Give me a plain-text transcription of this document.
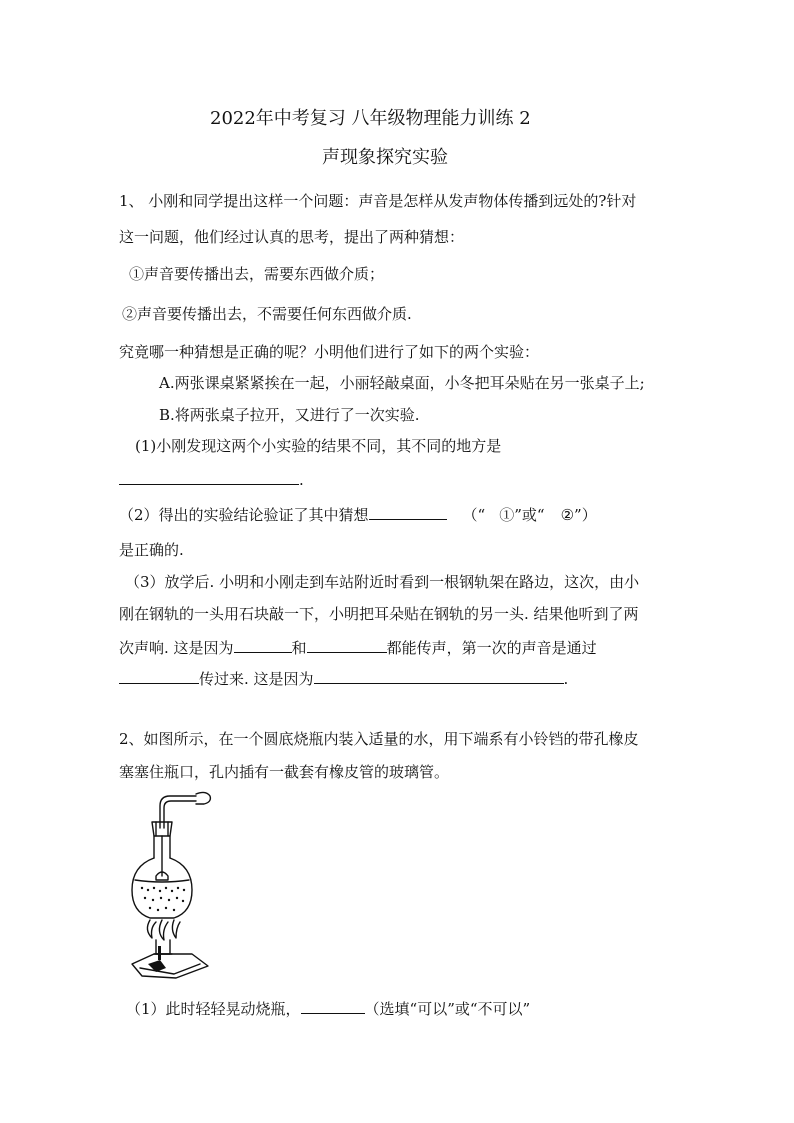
2022年中考复习 八年级物理能力训练 2
声现象探究实验
1、 小刚和同学提出这样一个问题：声音是怎样从发声物体传播到远处的?针对
这一问题，他们经过认真的思考，提出了两种猜想：
①声音要传播出去，需要东西做介质；
②声音要传播出去，不需要任何东西做介质.
究竟哪一种猜想是正确的呢？小明他们进行了如下的两个实验：
A.两张课桌紧紧挨在一起，小丽轻敲桌面，小冬把耳朵贴在另一张桌子上;
B.将两张桌子拉开，又进行了一次实验.
(1)小刚发现这两个小实验的结果不同，其不同的地方是
.
（2）得出的实验结论验证了其中猜想	（“ ①”或“ ②”）
是正确的.
（3）放学后. 小明和小刚走到车站附近时看到一根钢轨架在路边，这次，由小
刚在钢轨的一头用石块敲一下，小明把耳朵贴在钢轨的另一头. 结果他听到了两
次声响. 这是因为	和	都能传声，第一次的声音是通过
传过来. 这是因为	.
2、如图所示，在一个圆底烧瓶内装入适量的水，用下端系有小铃铛的带孔橡皮
塞塞住瓶口，孔内插有一截套有橡皮管的玻璃管。
（1）此时轻轻晃动烧瓶，	（选填“可以”或“不可以”
